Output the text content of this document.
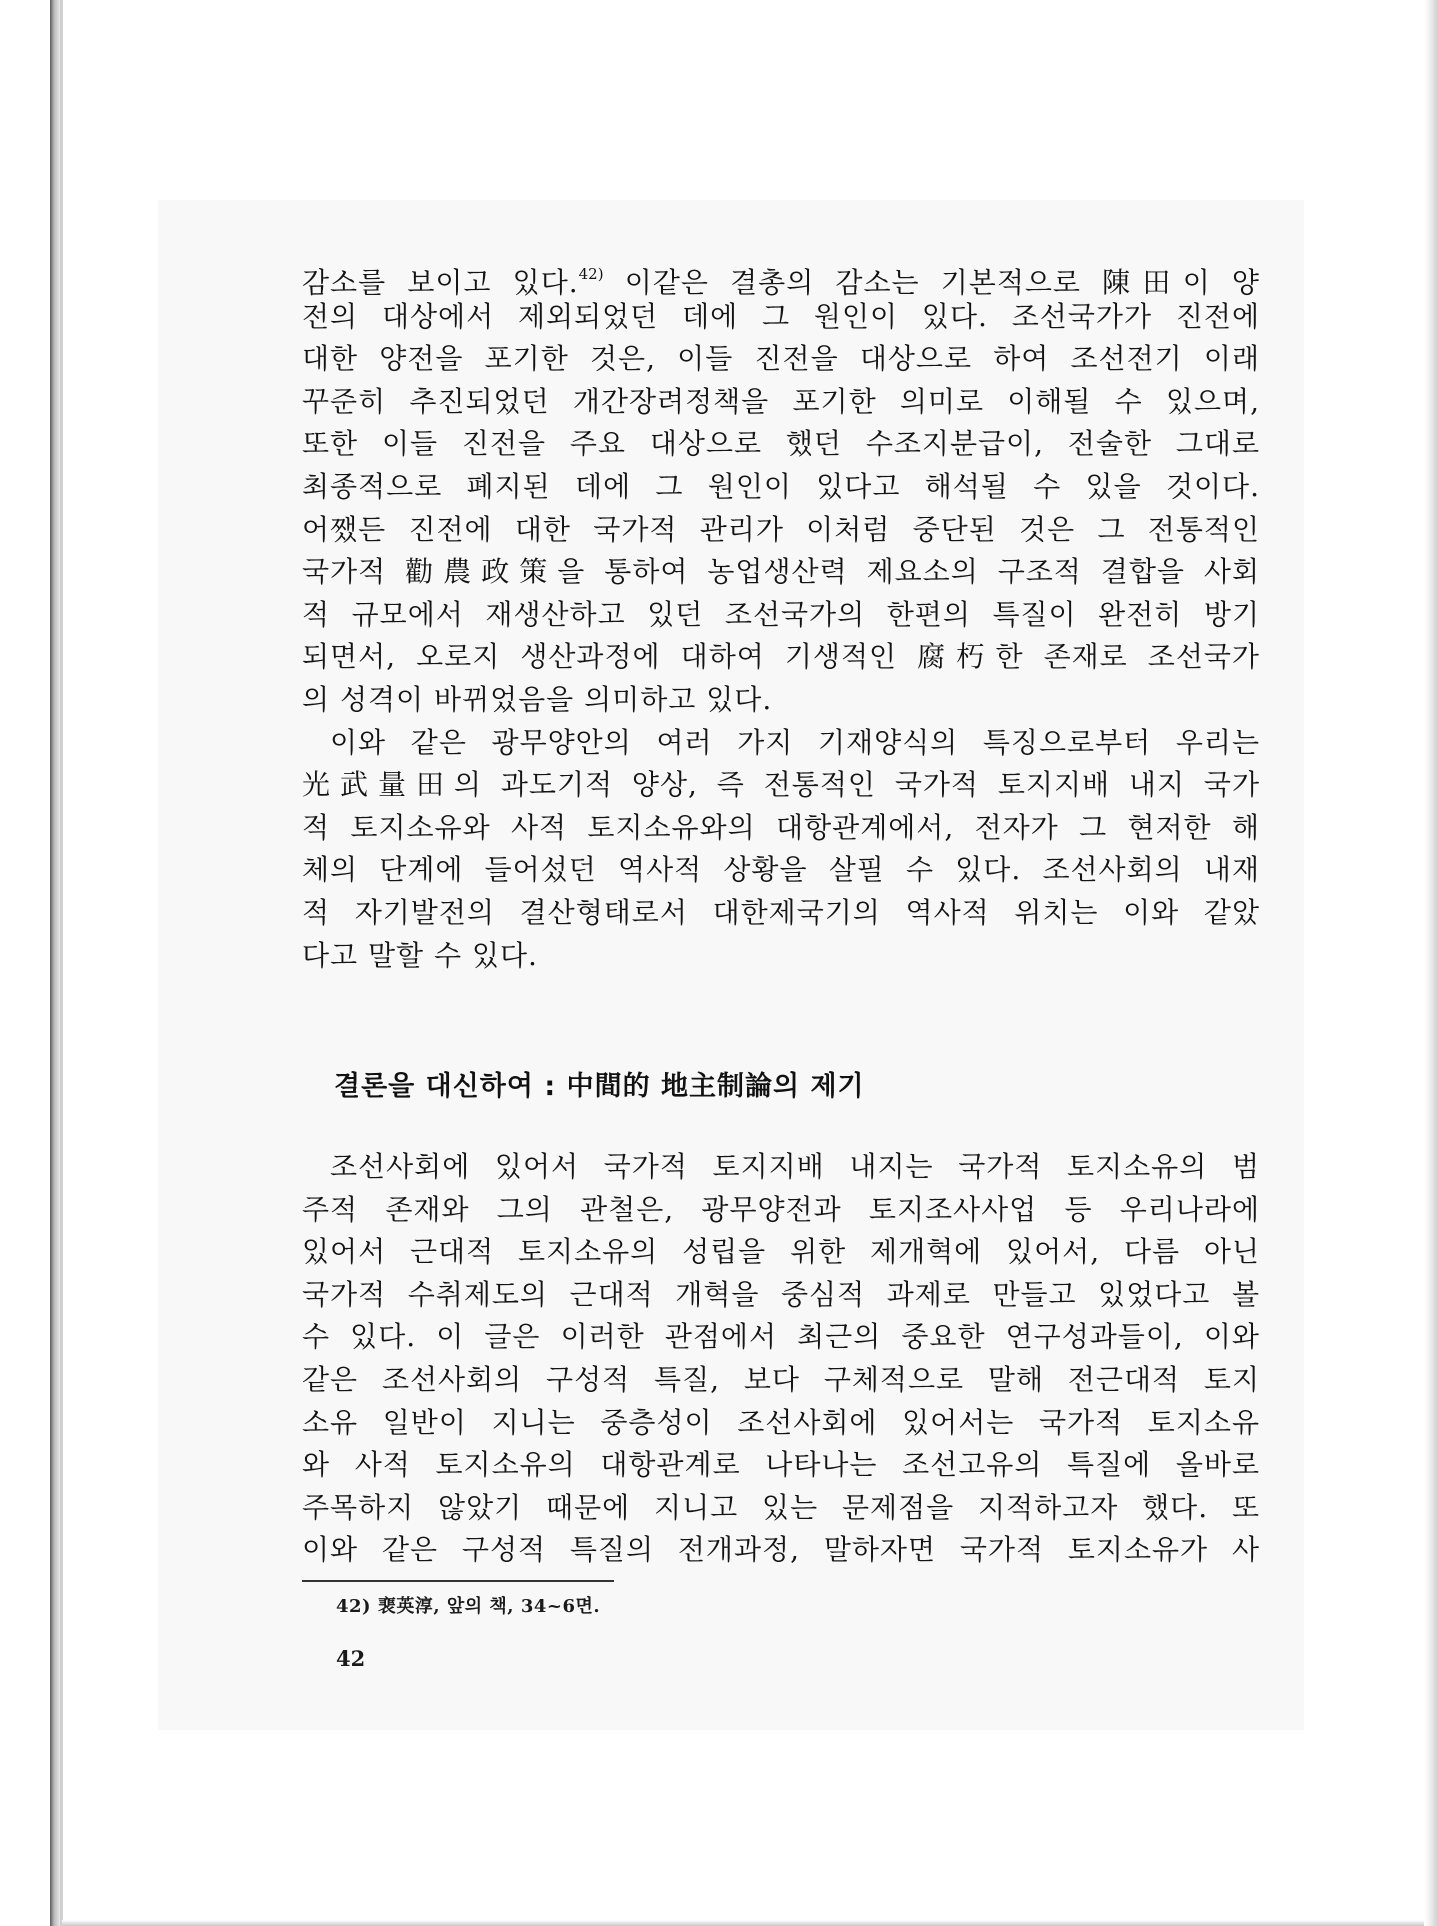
감소를 보이고 있다.$^{42)}$ 이같은 결총의 감소는 기본적으로 陳田이 양
전의 대상에서 제외되었던 데에 그 원인이 있다. 조선국가가 진전에
대한 양전을 포기한 것은, 이들 진전을 대상으로 하여 조선전기 이래
꾸준히 추진되었던 개간장려정책을 포기한 의미로 이해될 수 있으며,
또한 이들 진전을 주요 대상으로 했던 수조지분급이, 전술한 그대로
최종적으로 폐지된 데에 그 원인이 있다고 해석될 수 있을 것이다.
어쨌든 진전에 대한 국가적 관리가 이처럼 중단된 것은 그 전통적인
국가적 勸農政策을 통하여 농업생산력 제요소의 구조적 결합을 사회
적 규모에서 재생산하고 있던 조선국가의 한편의 특질이 완전히 방기
되면서, 오로지 생산과정에 대하여 기생적인 腐朽한 존재로 조선국가
의 성격이 바뀌었음을 의미하고 있다.
이와 같은 광무양안의 여러 가지 기재양식의 특징으로부터 우리는
光武量田의 과도기적 양상, 즉 전통적인 국가적 토지지배 내지 국가
적 토지소유와 사적 토지소유와의 대항관계에서, 전자가 그 현저한 해
체의 단계에 들어섰던 역사적 상황을 살필 수 있다. 조선사회의 내재
적 자기발전의 결산형태로서 대한제국기의 역사적 위치는 이와 같았
다고 말할 수 있다.
결론을 대신하여 : 中間的 地主制論의 제기
조선사회에 있어서 국가적 토지지배 내지는 국가적 토지소유의 범
주적 존재와 그의 관철은, 광무양전과 토지조사사업 등 우리나라에
있어서 근대적 토지소유의 성립을 위한 제개혁에 있어서, 다름 아닌
국가적 수취제도의 근대적 개혁을 중심적 과제로 만들고 있었다고 볼
수 있다. 이 글은 이러한 관점에서 최근의 중요한 연구성과들이, 이와
같은 조선사회의 구성적 특질, 보다 구체적으로 말해 전근대적 토지
소유 일반이 지니는 중층성이 조선사회에 있어서는 국가적 토지소유
와 사적 토지소유의 대항관계로 나타나는 조선고유의 특질에 올바로
주목하지 않았기 때문에 지니고 있는 문제점을 지적하고자 했다. 또
이와 같은 구성적 특질의 전개과정, 말하자면 국가적 토지소유가 사
42) 裵英淳, 앞의 책, 34~6면.
42
